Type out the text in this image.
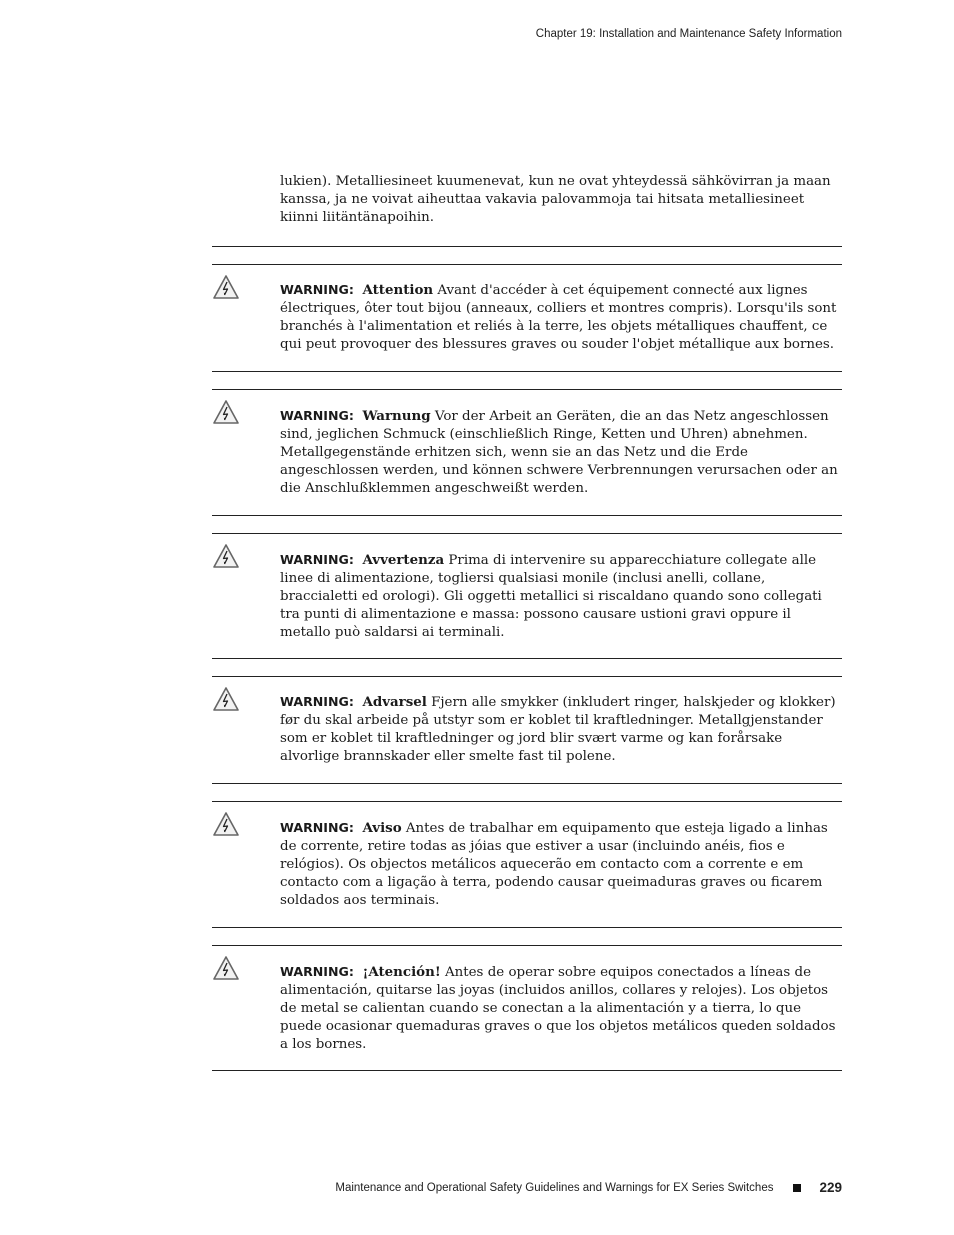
Chapter 19: Installation and Maintenance Safety Information

lukien). Metalliesineet kuumenevat, kun ne ovat yhteydessä sähkövirran ja maan kanssa, ja ne voivat aiheuttaa vakavia palovammoja tai hitsata metalliesineet kiinni liitäntänapoihin.

WARNING: Attention Avant d'accéder à cet équipement connecté aux lignes électriques, ôter tout bijou (anneaux, colliers et montres compris). Lorsqu'ils sont branchés à l'alimentation et reliés à la terre, les objets métalliques chauffent, ce qui peut provoquer des blessures graves ou souder l'objet métallique aux bornes.

WARNING: Warnung Vor der Arbeit an Geräten, die an das Netz angeschlossen sind, jeglichen Schmuck (einschließlich Ringe, Ketten und Uhren) abnehmen. Metallgegenstände erhitzen sich, wenn sie an das Netz und die Erde angeschlossen werden, und können schwere Verbrennungen verursachen oder an die Anschlußklemmen angeschweißt werden.

WARNING: Avvertenza Prima di intervenire su apparecchiature collegate alle linee di alimentazione, togliersi qualsiasi monile (inclusi anelli, collane, braccialetti ed orologi). Gli oggetti metallici si riscaldano quando sono collegati tra punti di alimentazione e massa: possono causare ustioni gravi oppure il metallo può saldarsi ai terminali.

WARNING: Advarsel Fjern alle smykker (inkludert ringer, halskjeder og klokker) før du skal arbeide på utstyr som er koblet til kraftledninger. Metallgjenstander som er koblet til kraftledninger og jord blir svært varme og kan forårsake alvorlige brannskader eller smelte fast til polene.

WARNING: Aviso Antes de trabalhar em equipamento que esteja ligado a linhas de corrente, retire todas as jóias que estiver a usar (incluindo anéis, fios e relógios). Os objectos metálicos aquecerão em contacto com a corrente e em contacto com a ligação à terra, podendo causar queimaduras graves ou ficarem soldados aos terminais.

WARNING: ¡Atención! Antes de operar sobre equipos conectados a líneas de alimentación, quitarse las joyas (incluidos anillos, collares y relojes). Los objetos de metal se calientan cuando se conectan a la alimentación y a tierra, lo que puede ocasionar quemaduras graves o que los objetos metálicos queden soldados a los bornes.

Maintenance and Operational Safety Guidelines and Warnings for EX Series Switches	229
